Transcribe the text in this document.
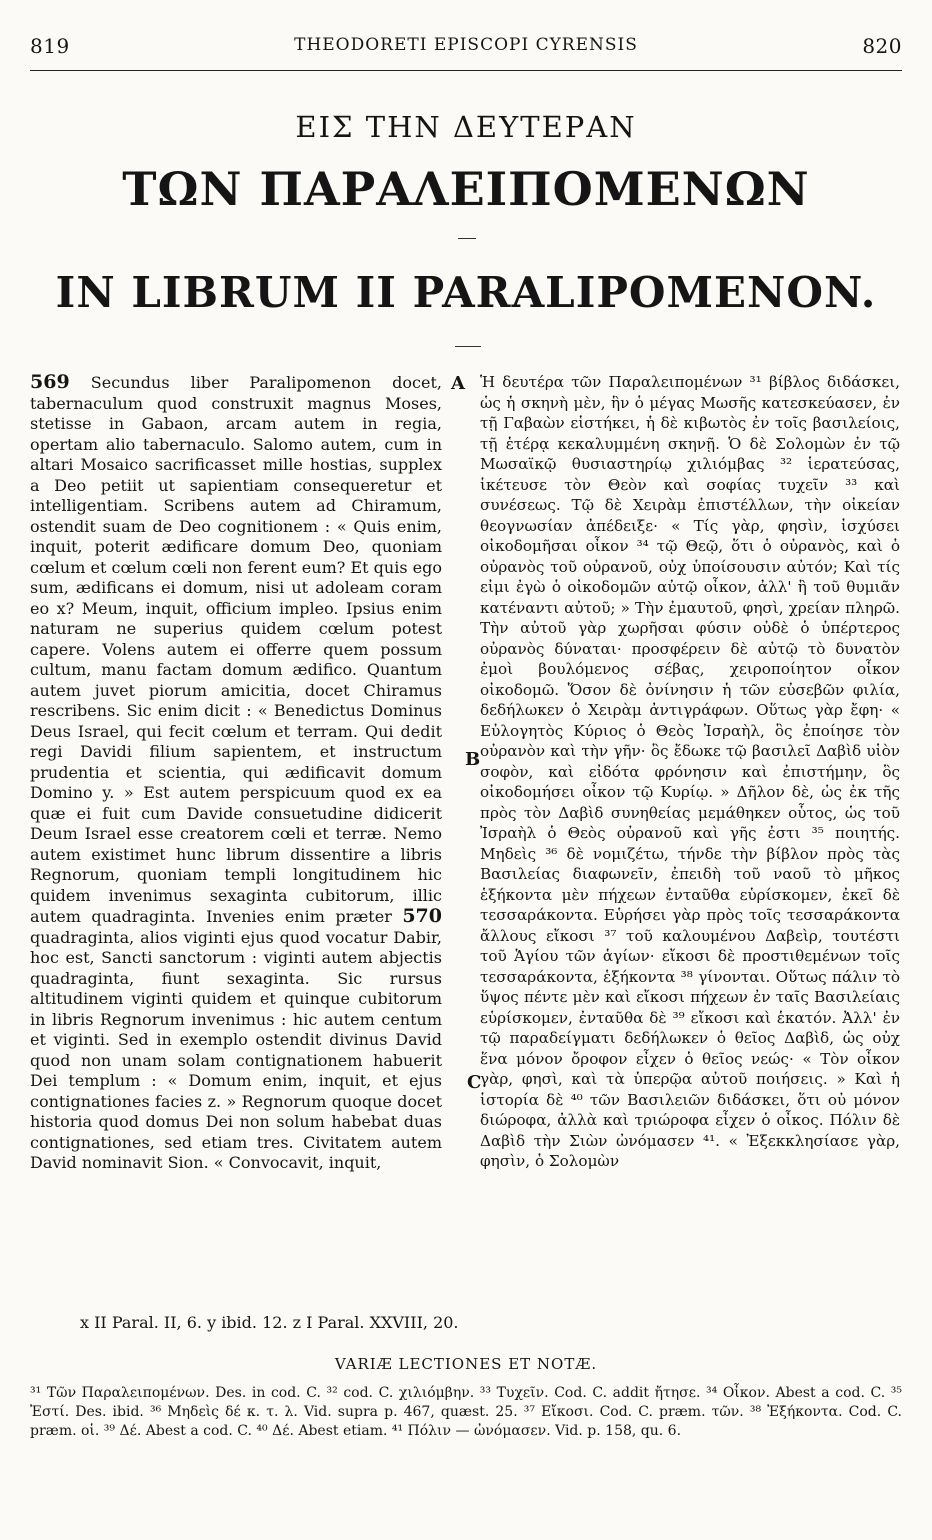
819	THEODORETI EPISCOPI CYRENSIS	820
ΕΙΣ ΤΗΝ ΔΕΥΤΕΡΑΝ
ΤΩΝ ΠΑΡΑΛΕΙΠΟΜΕΝΩΝ
IN LIBRUM II PARALIPOMENON.

569 Secundus liber Paralipomenon docet, tabernaculum quod construxit magnus Moses, stetisse in Gabaon, arcam autem in regia, opertam alio tabernaculo. Salomo autem, cum in altari Mosaico sacrificasset mille hostias, supplex a Deo petiit ut sapientiam consequeretur et intelligentiam. Scribens autem ad Chiramum, ostendit suam de Deo cognitionem : « Quis enim, inquit, poterit ædificare domum Deo, quoniam cœlum et cœlum cœli non ferent eum? Et quis ego sum, ædificans ei domum, nisi ut adoleam coram eo x? Meum, inquit, officium impleo. Ipsius enim naturam ne superius quidem cœlum potest capere. Volens autem ei offerre quem possum cultum, manu factam domum ædifico. Quantum autem juvet piorum amicitia, docet Chiramus rescribens. Sic enim dicit : « Benedictus Dominus Deus Israel, qui fecit cœlum et terram. Qui dedit regi Davidi filium sapientem, et instructum prudentia et scientia, qui ædificavit domum Domino y. » Est autem perspicuum quod ex ea quæ ei fuit cum Davide consuetudine didicerit Deum Israel esse creatorem cœli et terræ. Nemo autem existimet hunc librum dissentire a libris Regnorum, quoniam templi longitudinem hic quidem invenimus sexaginta cubitorum, illic autem quadraginta. Invenies enim præter 570 quadraginta, alios viginti ejus quod vocatur Dabir, hoc est, Sancti sanctorum : viginti autem abjectis quadraginta, fiunt sexaginta. Sic rursus altitudinem viginti quidem et quinque cubitorum in libris Regnorum invenimus : hic autem centum et viginti. Sed in exemplo ostendit divinus David quod non unam solam contignationem habuerit Dei templum : « Domum enim, inquit, et ejus contignationes facies z. » Regnorum quoque docet historia quod domus Dei non solum habebat duas contignationes, sed etiam tres. Civitatem autem David nominavit Sion. « Convocavit, inquit,

A
B
C

Ἡ δευτέρα τῶν Παραλειπομένων ³¹ βίβλος διδάσκει, ὡς ἡ σκηνὴ μὲν, ἣν ὁ μέγας Μωσῆς κατεσκεύασεν, ἐν τῇ Γαβαὼν εἱστήκει, ἡ δὲ κιβωτὸς ἐν τοῖς βασιλείοις, τῇ ἑτέρᾳ κεκαλυμμένη σκηνῇ. Ὁ δὲ Σολομὼν ἐν τῷ Μωσαϊκῷ θυσιαστηρίῳ χιλιόμβας ³² ἱερατεύσας, ἱκέτευσε τὸν Θεὸν καὶ σοφίας τυχεῖν ³³ καὶ συνέσεως. Τῷ δὲ Χειρὰμ ἐπιστέλλων, τὴν οἰκείαν θεογνωσίαν ἀπέδειξε· « Τίς γὰρ, φησὶν, ἰσχύσει οἰκοδομῆσαι οἶκον ³⁴ τῷ Θεῷ, ὅτι ὁ οὐρανὸς, καὶ ὁ οὐρανὸς τοῦ οὐρανοῦ, οὐχ ὑποίσουσιν αὐτόν; Καὶ τίς εἰμι ἐγὼ ὁ οἰκοδομῶν αὐτῷ οἶκον, ἀλλ' ἢ τοῦ θυμιᾶν κατέναντι αὐτοῦ; » Τὴν ἐμαυτοῦ, φησὶ, χρείαν πληρῶ. Τὴν αὐτοῦ γὰρ χωρῆσαι φύσιν οὐδὲ ὁ ὑπέρτερος οὐρανὸς δύναται· προσφέρειν δὲ αὐτῷ τὸ δυνατὸν ἐμοὶ βουλόμενος σέβας, χειροποίητον οἶκον οἰκοδομῶ. Ὅσον δὲ ὀνίνησιν ἡ τῶν εὐσεβῶν φιλία, δεδήλωκεν ὁ Χειρὰμ ἀντιγράφων. Οὕτως γὰρ ἔφη· « Εὐλογητὸς Κύριος ὁ Θεὸς Ἰσραὴλ, ὃς ἐποίησε τὸν οὐρανὸν καὶ τὴν γῆν· ὃς ἔδωκε τῷ βασιλεῖ Δαβὶδ υἱὸν σοφὸν, καὶ εἰδότα φρόνησιν καὶ ἐπιστήμην, ὃς οἰκοδομήσει οἶκον τῷ Κυρίῳ. » Δῆλον δὲ, ὡς ἐκ τῆς πρὸς τὸν Δαβὶδ συνηθείας μεμάθηκεν οὗτος, ὡς τοῦ Ἰσραὴλ ὁ Θεὸς οὐρανοῦ καὶ γῆς ἐστι ³⁵ ποιητής. Μηδεὶς ³⁶ δὲ νομιζέτω, τήνδε τὴν βίβλον πρὸς τὰς Βασιλείας διαφωνεῖν, ἐπειδὴ τοῦ ναοῦ τὸ μῆκος ἑξήκοντα μὲν πήχεων ἐνταῦθα εὑρίσκομεν, ἐκεῖ δὲ τεσσαράκοντα. Εὑρήσει γὰρ πρὸς τοῖς τεσσαράκοντα ἄλλους εἴκοσι ³⁷ τοῦ καλουμένου Δαβεὶρ, τουτέστι τοῦ Ἁγίου τῶν ἁγίων· εἴκοσι δὲ προστιθεμένων τοῖς τεσσαράκοντα, ἑξήκοντα ³⁸ γίνονται. Οὕτως πάλιν τὸ ὕψος πέντε μὲν καὶ εἴκοσι πήχεων ἐν ταῖς Βασιλείαις εὑρίσκομεν, ἐνταῦθα δὲ ³⁹ εἴκοσι καὶ ἑκατόν. Ἀλλ' ἐν τῷ παραδείγματι δεδήλωκεν ὁ θεῖος Δαβὶδ, ὡς οὐχ ἕνα μόνον ὄροφον εἶχεν ὁ θεῖος νεώς· « Τὸν οἶκον γὰρ, φησὶ, καὶ τὰ ὑπερῷα αὐτοῦ ποιήσεις. » Καὶ ἡ ἱστορία δὲ ⁴⁰ τῶν Βασιλειῶν διδάσκει, ὅτι οὐ μόνον διώροφα, ἀλλὰ καὶ τριώροφα εἶχεν ὁ οἶκος. Πόλιν δὲ Δαβὶδ τὴν Σιὼν ὠνόμασεν ⁴¹. « Ἐξεκκλησίασε γὰρ, φησὶν, ὁ Σολομὼν

x II Paral. II, 6. y ibid. 12. z I Paral. XXVIII, 20.
VARIÆ LECTIONES ET NOTÆ.

³¹ Τῶν Παραλειπομένων. Des. in cod. C. ³² cod. C. χιλιόμβην. ³³ Τυχεῖν. Cod. C. addit ἤτησε. ³⁴ Οἶκον. Abest a cod. C. ³⁵ Ἐστί. Des. ibid. ³⁶ Μηδεὶς δέ κ. τ. λ. Vid. supra p. 467, quæst. 25. ³⁷ Εἴκοσι. Cod. C. præm. τῶν. ³⁸ Ἐξήκοντα. Cod. C. præm. οἱ. ³⁹ Δέ. Abest a cod. C. ⁴⁰ Δέ. Abest etiam. ⁴¹ Πόλιν — ὠνόμασεν. Vid. p. 158, qu. 6.
